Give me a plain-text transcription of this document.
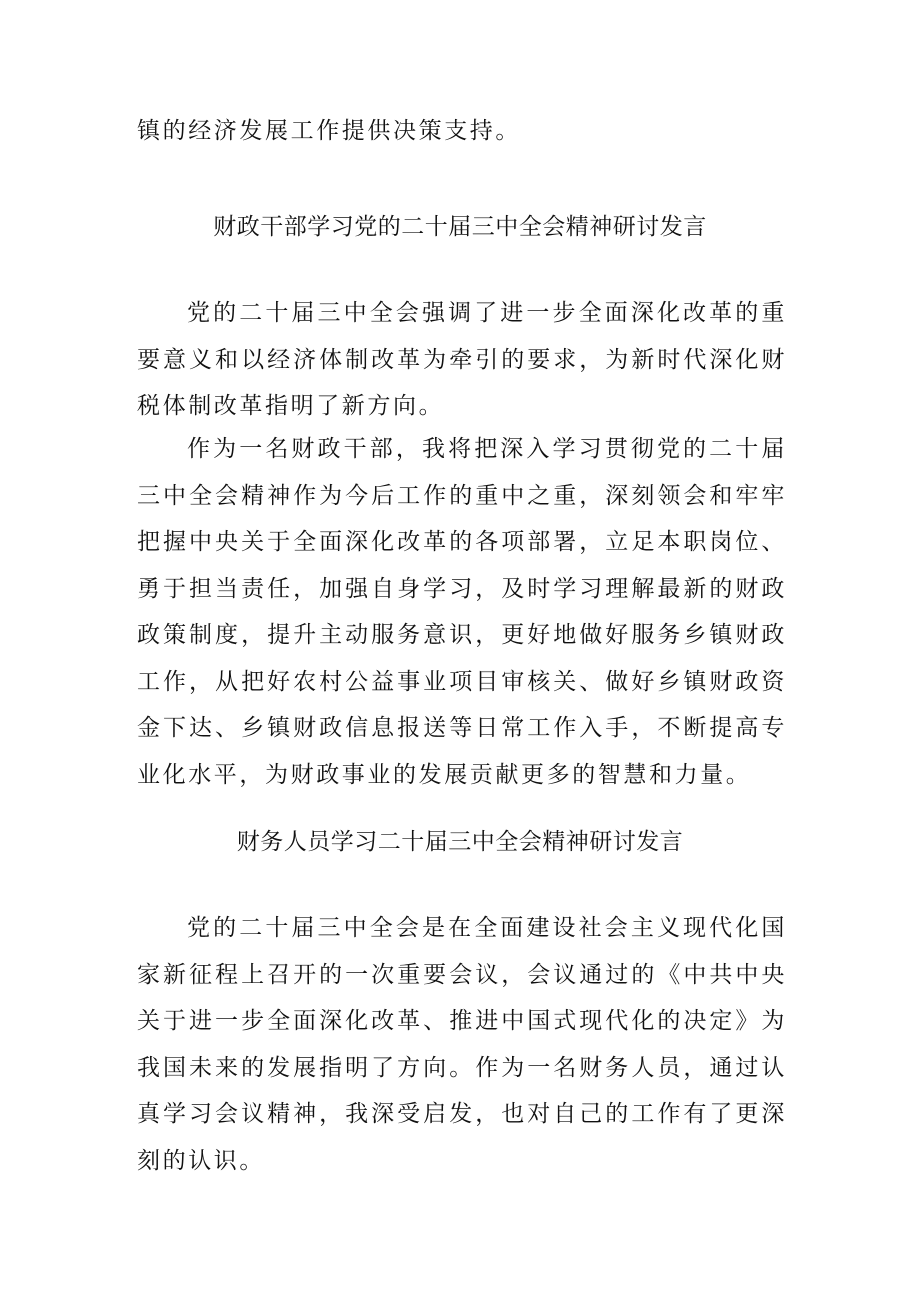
镇的经济发展工作提供决策支持。

财政干部学习党的二十届三中全会精神研讨发言

党的二十届三中全会强调了进一步全面深化改革的重要意义和以经济体制改革为牵引的要求，为新时代深化财税体制改革指明了新方向。

作为一名财政干部，我将把深入学习贯彻党的二十届三中全会精神作为今后工作的重中之重，深刻领会和牢牢把握中央关于全面深化改革的各项部署，立足本职岗位、勇于担当责任，加强自身学习，及时学习理解最新的财政政策制度，提升主动服务意识，更好地做好服务乡镇财政工作，从把好农村公益事业项目审核关、做好乡镇财政资金下达、乡镇财政信息报送等日常工作入手，不断提高专业化水平，为财政事业的发展贡献更多的智慧和力量。

财务人员学习二十届三中全会精神研讨发言

党的二十届三中全会是在全面建设社会主义现代化国家新征程上召开的一次重要会议，会议通过的《中共中央关于进一步全面深化改革、推进中国式现代化的决定》为我国未来的发展指明了方向。作为一名财务人员，通过认真学习会议精神，我深受启发，也对自己的工作有了更深刻的认识。
